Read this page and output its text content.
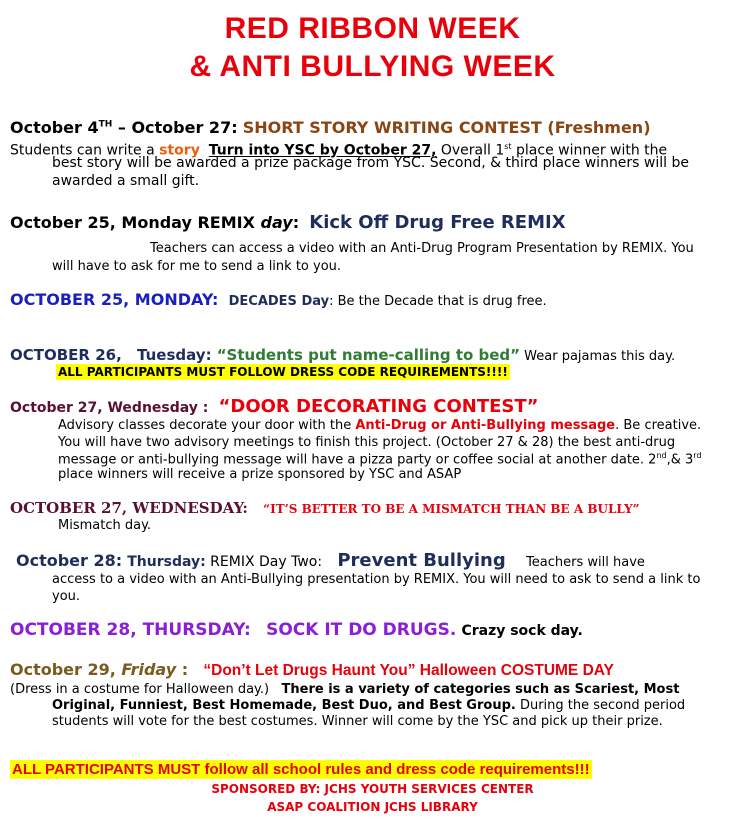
RED RIBBON WEEK
& ANTI BULLYING WEEK
October 4TH – October 27: SHORT STORY WRITING CONTEST (Freshmen)
Students can write a story Turn into YSC by October 27, Overall 1st place winner with the
best story will be awarded a prize package from YSC. Second, & third place winners will be
awarded a small gift.
October 25, Monday REMIX day: Kick Off Drug Free REMIX
Teachers can access a video with an Anti-Drug Program Presentation by REMIX. You
will have to ask for me to send a link to you.
OCTOBER 25, MONDAY: DECADES Day: Be the Decade that is drug free.
OCTOBER 26, Tuesday: “Students put name-calling to bed” Wear pajamas this day.
ALL PARTICIPANTS MUST FOLLOW DRESS CODE REQUIREMENTS!!!!
October 27, Wednesday : “DOOR DECORATING CONTEST”
Advisory classes decorate your door with the Anti-Drug or Anti-Bullying message. Be creative.
You will have two advisory meetings to finish this project. (October 27 & 28) the best anti-drug
message or anti-bullying message will have a pizza party or coffee social at another date. 2nd,& 3rd
place winners will receive a prize sponsored by YSC and ASAP
OCTOBER 27, WEDNESDAY: “IT’S BETTER TO BE A MISMATCH THAN BE A BULLY”
Mismatch day.
October 28: Thursday: REMIX Day Two: Prevent Bullying Teachers will have
access to a video with an Anti-Bullying presentation by REMIX. You will need to ask to send a link to
you.
OCTOBER 28, THURSDAY: SOCK IT DO DRUGS. Crazy sock day.
October 29, Friday : “Don’t Let Drugs Haunt You” Halloween COSTUME DAY
(Dress in a costume for Halloween day.) There is a variety of categories such as Scariest, Most
Original, Funniest, Best Homemade, Best Duo, and Best Group. During the second period
students will vote for the best costumes. Winner will come by the YSC and pick up their prize.
ALL PARTICIPANTS MUST follow all school rules and dress code requirements!!!
SPONSORED BY: JCHS YOUTH SERVICES CENTER
ASAP COALITION JCHS LIBRARY
